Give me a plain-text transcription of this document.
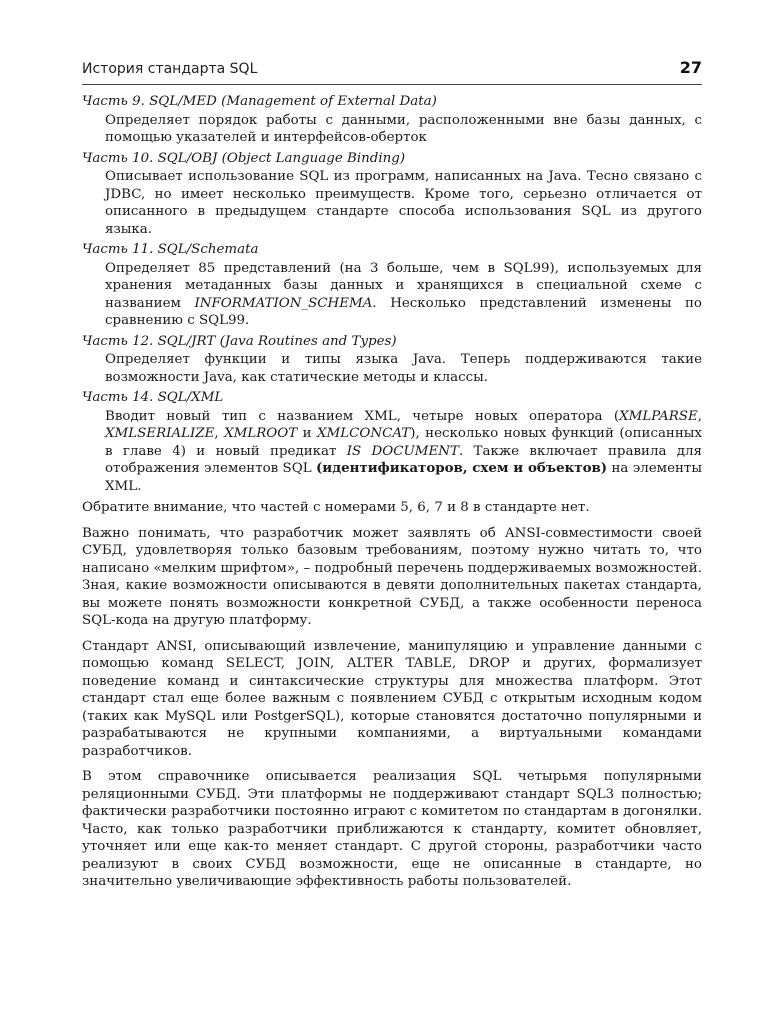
История стандарта SQL	27
Часть 9. SQL/MED (Management of External Data)
Определяет порядок работы с данными, расположенными вне базы данных, с помощью указателей и интерфейсов-оберток
Часть 10. SQL/OBJ (Object Language Binding)
Описывает использование SQL из программ, написанных на Java. Тесно связано с JDBC, но имеет несколько преимуществ. Кроме того, серьезно отличается от описанного в предыдущем стандарте способа использования SQL из другого языка.
Часть 11. SQL/Schemata
Определяет 85 представлений (на 3 больше, чем в SQL99), используемых для хранения метаданных базы данных и хранящихся в специальной схеме с названием INFORMATION_SCHEMA. Несколько представлений изменены по сравнению с SQL99.
Часть 12. SQL/JRT (Java Routines and Types)
Определяет функции и типы языка Java. Теперь поддерживаются такие возможности Java, как статические методы и классы.
Часть 14. SQL/XML
Вводит новый тип с названием XML, четыре новых оператора (XMLPARSE, XMLSERIALIZE, XMLROOT и XMLCONCAT), несколько новых функций (описанных в главе 4) и новый предикат IS DOCUMENT. Также включает правила для отображения элементов SQL (идентификаторов, схем и объектов) на элементы XML.

Обратите внимание, что частей с номерами 5, 6, 7 и 8 в стандарте нет.

Важно понимать, что разработчик может заявлять об ANSI-совместимости своей СУБД, удовлетворяя только базовым требованиям, поэтому нужно читать то, что написано «мелким шрифтом», – подробный перечень поддерживаемых возможностей. Зная, какие возможности описываются в девяти дополнительных пакетах стандарта, вы можете понять возможности конкретной СУБД, а также особенности переноса SQL-кода на другую платформу.

Стандарт ANSI, описывающий извлечение, манипуляцию и управление данными с помощью команд SELECT, JOIN, ALTER TABLE, DROP и других, формализует поведение команд и синтаксические структуры для множества платформ. Этот стандарт стал еще более важным с появлением СУБД с открытым исходным кодом (таких как MySQL или PostgerSQL), которые становятся достаточно популярными и разрабатываются не крупными компаниями, а виртуальными командами разработчиков.

В этом справочнике описывается реализация SQL четырьмя популярными реляционными СУБД. Эти платформы не поддерживают стандарт SQL3 полностью; фактически разработчики постоянно играют с комитетом по стандартам в догонялки. Часто, как только разработчики приближаются к стандарту, комитет обновляет, уточняет или еще как-то меняет стандарт. С другой стороны, разработчики часто реализуют в своих СУБД возможности, еще не описанные в стандарте, но значительно увеличивающие эффективность работы пользователей.
